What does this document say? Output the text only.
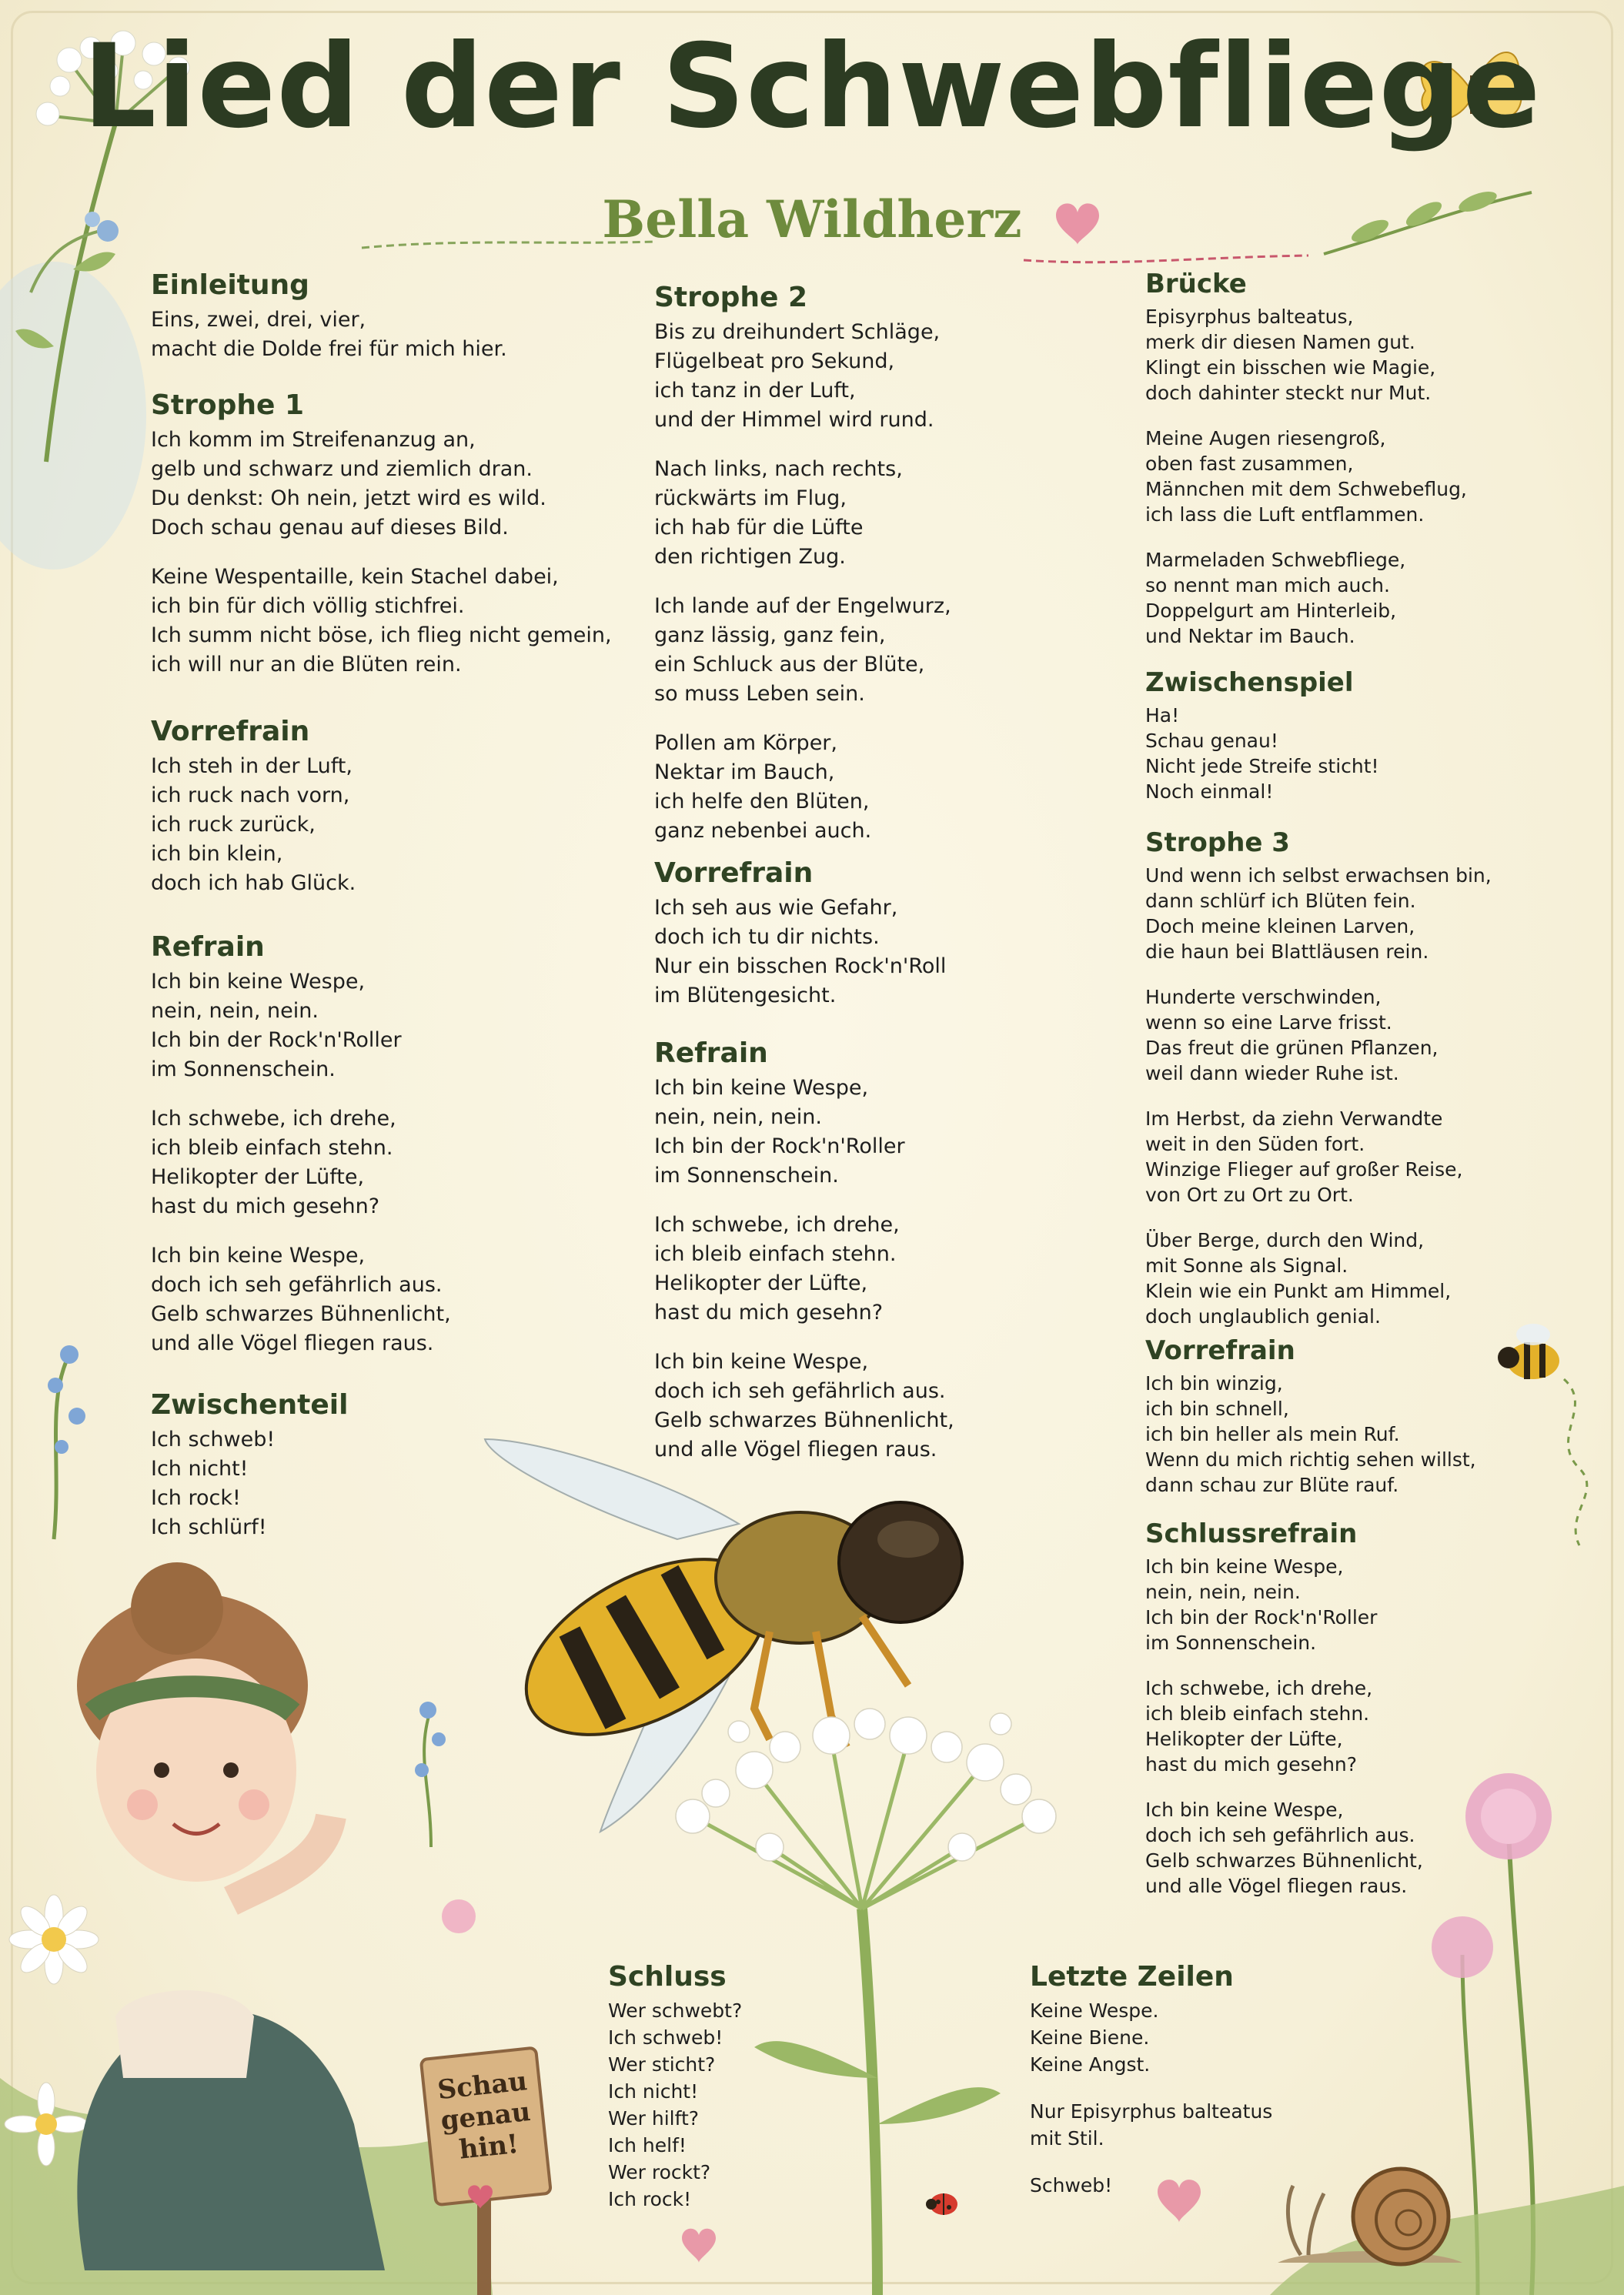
Lied der Schwebfliege
Bella Wildherz
Schau
genau
hin!
Einleitung
Eins, zwei, drei, vier,
macht die Dolde frei für mich hier.
Strophe 1
Ich komm im Streifenanzug an,
gelb und schwarz und ziemlich dran.
Du denkst: Oh nein, jetzt wird es wild.
Doch schau genau auf dieses Bild.
Keine Wespentaille, kein Stachel dabei,
ich bin für dich völlig stichfrei.
Ich summ nicht böse, ich flieg nicht gemein,
ich will nur an die Blüten rein.
Vorrefrain
Ich steh in der Luft,
ich ruck nach vorn,
ich ruck zurück,
ich bin klein,
doch ich hab Glück.
Refrain
Ich bin keine Wespe,
nein, nein, nein.
Ich bin der Rock'n'Roller
im Sonnenschein.
Ich schwebe, ich drehe,
ich bleib einfach stehn.
Helikopter der Lüfte,
hast du mich gesehn?
Ich bin keine Wespe,
doch ich seh gefährlich aus.
Gelb schwarzes Bühnenlicht,
und alle Vögel fliegen raus.
Zwischenteil
Ich schweb!
Ich nicht!
Ich rock!
Ich schlürf!
Strophe 2
Bis zu dreihundert Schläge,
Flügelbeat pro Sekund,
ich tanz in der Luft,
und der Himmel wird rund.
Nach links, nach rechts,
rückwärts im Flug,
ich hab für die Lüfte
den richtigen Zug.
Ich lande auf der Engelwurz,
ganz lässig, ganz fein,
ein Schluck aus der Blüte,
so muss Leben sein.
Pollen am Körper,
Nektar im Bauch,
ich helfe den Blüten,
ganz nebenbei auch.
Vorrefrain
Ich seh aus wie Gefahr,
doch ich tu dir nichts.
Nur ein bisschen Rock'n'Roll
im Blütengesicht.
Refrain
Ich bin keine Wespe,
nein, nein, nein.
Ich bin der Rock'n'Roller
im Sonnenschein.
Ich schwebe, ich drehe,
ich bleib einfach stehn.
Helikopter der Lüfte,
hast du mich gesehn?
Ich bin keine Wespe,
doch ich seh gefährlich aus.
Gelb schwarzes Bühnenlicht,
und alle Vögel fliegen raus.
Brücke
Episyrphus balteatus,
merk dir diesen Namen gut.
Klingt ein bisschen wie Magie,
doch dahinter steckt nur Mut.
Meine Augen riesengroß,
oben fast zusammen,
Männchen mit dem Schwebeflug,
ich lass die Luft entflammen.
Marmeladen Schwebfliege,
so nennt man mich auch.
Doppelgurt am Hinterleib,
und Nektar im Bauch.
Zwischenspiel
Ha!
Schau genau!
Nicht jede Streife sticht!
Noch einmal!
Strophe 3
Und wenn ich selbst erwachsen bin,
dann schlürf ich Blüten fein.
Doch meine kleinen Larven,
die haun bei Blattläusen rein.
Hunderte verschwinden,
wenn so eine Larve frisst.
Das freut die grünen Pflanzen,
weil dann wieder Ruhe ist.
Im Herbst, da ziehn Verwandte
weit in den Süden fort.
Winzige Flieger auf großer Reise,
von Ort zu Ort zu Ort.
Über Berge, durch den Wind,
mit Sonne als Signal.
Klein wie ein Punkt am Himmel,
doch unglaublich genial.
Vorrefrain
Ich bin winzig,
ich bin schnell,
ich bin heller als mein Ruf.
Wenn du mich richtig sehen willst,
dann schau zur Blüte rauf.
Schlussrefrain
Ich bin keine Wespe,
nein, nein, nein.
Ich bin der Rock'n'Roller
im Sonnenschein.
Ich schwebe, ich drehe,
ich bleib einfach stehn.
Helikopter der Lüfte,
hast du mich gesehn?
Ich bin keine Wespe,
doch ich seh gefährlich aus.
Gelb schwarzes Bühnenlicht,
und alle Vögel fliegen raus.
Schluss
Wer schwebt?
Ich schweb!
Wer sticht?
Ich nicht!
Wer hilft?
Ich helf!
Wer rockt?
Ich rock!
Letzte Zeilen
Keine Wespe.
Keine Biene.
Keine Angst.
Nur Episyrphus balteatus
mit Stil.
Schweb!
